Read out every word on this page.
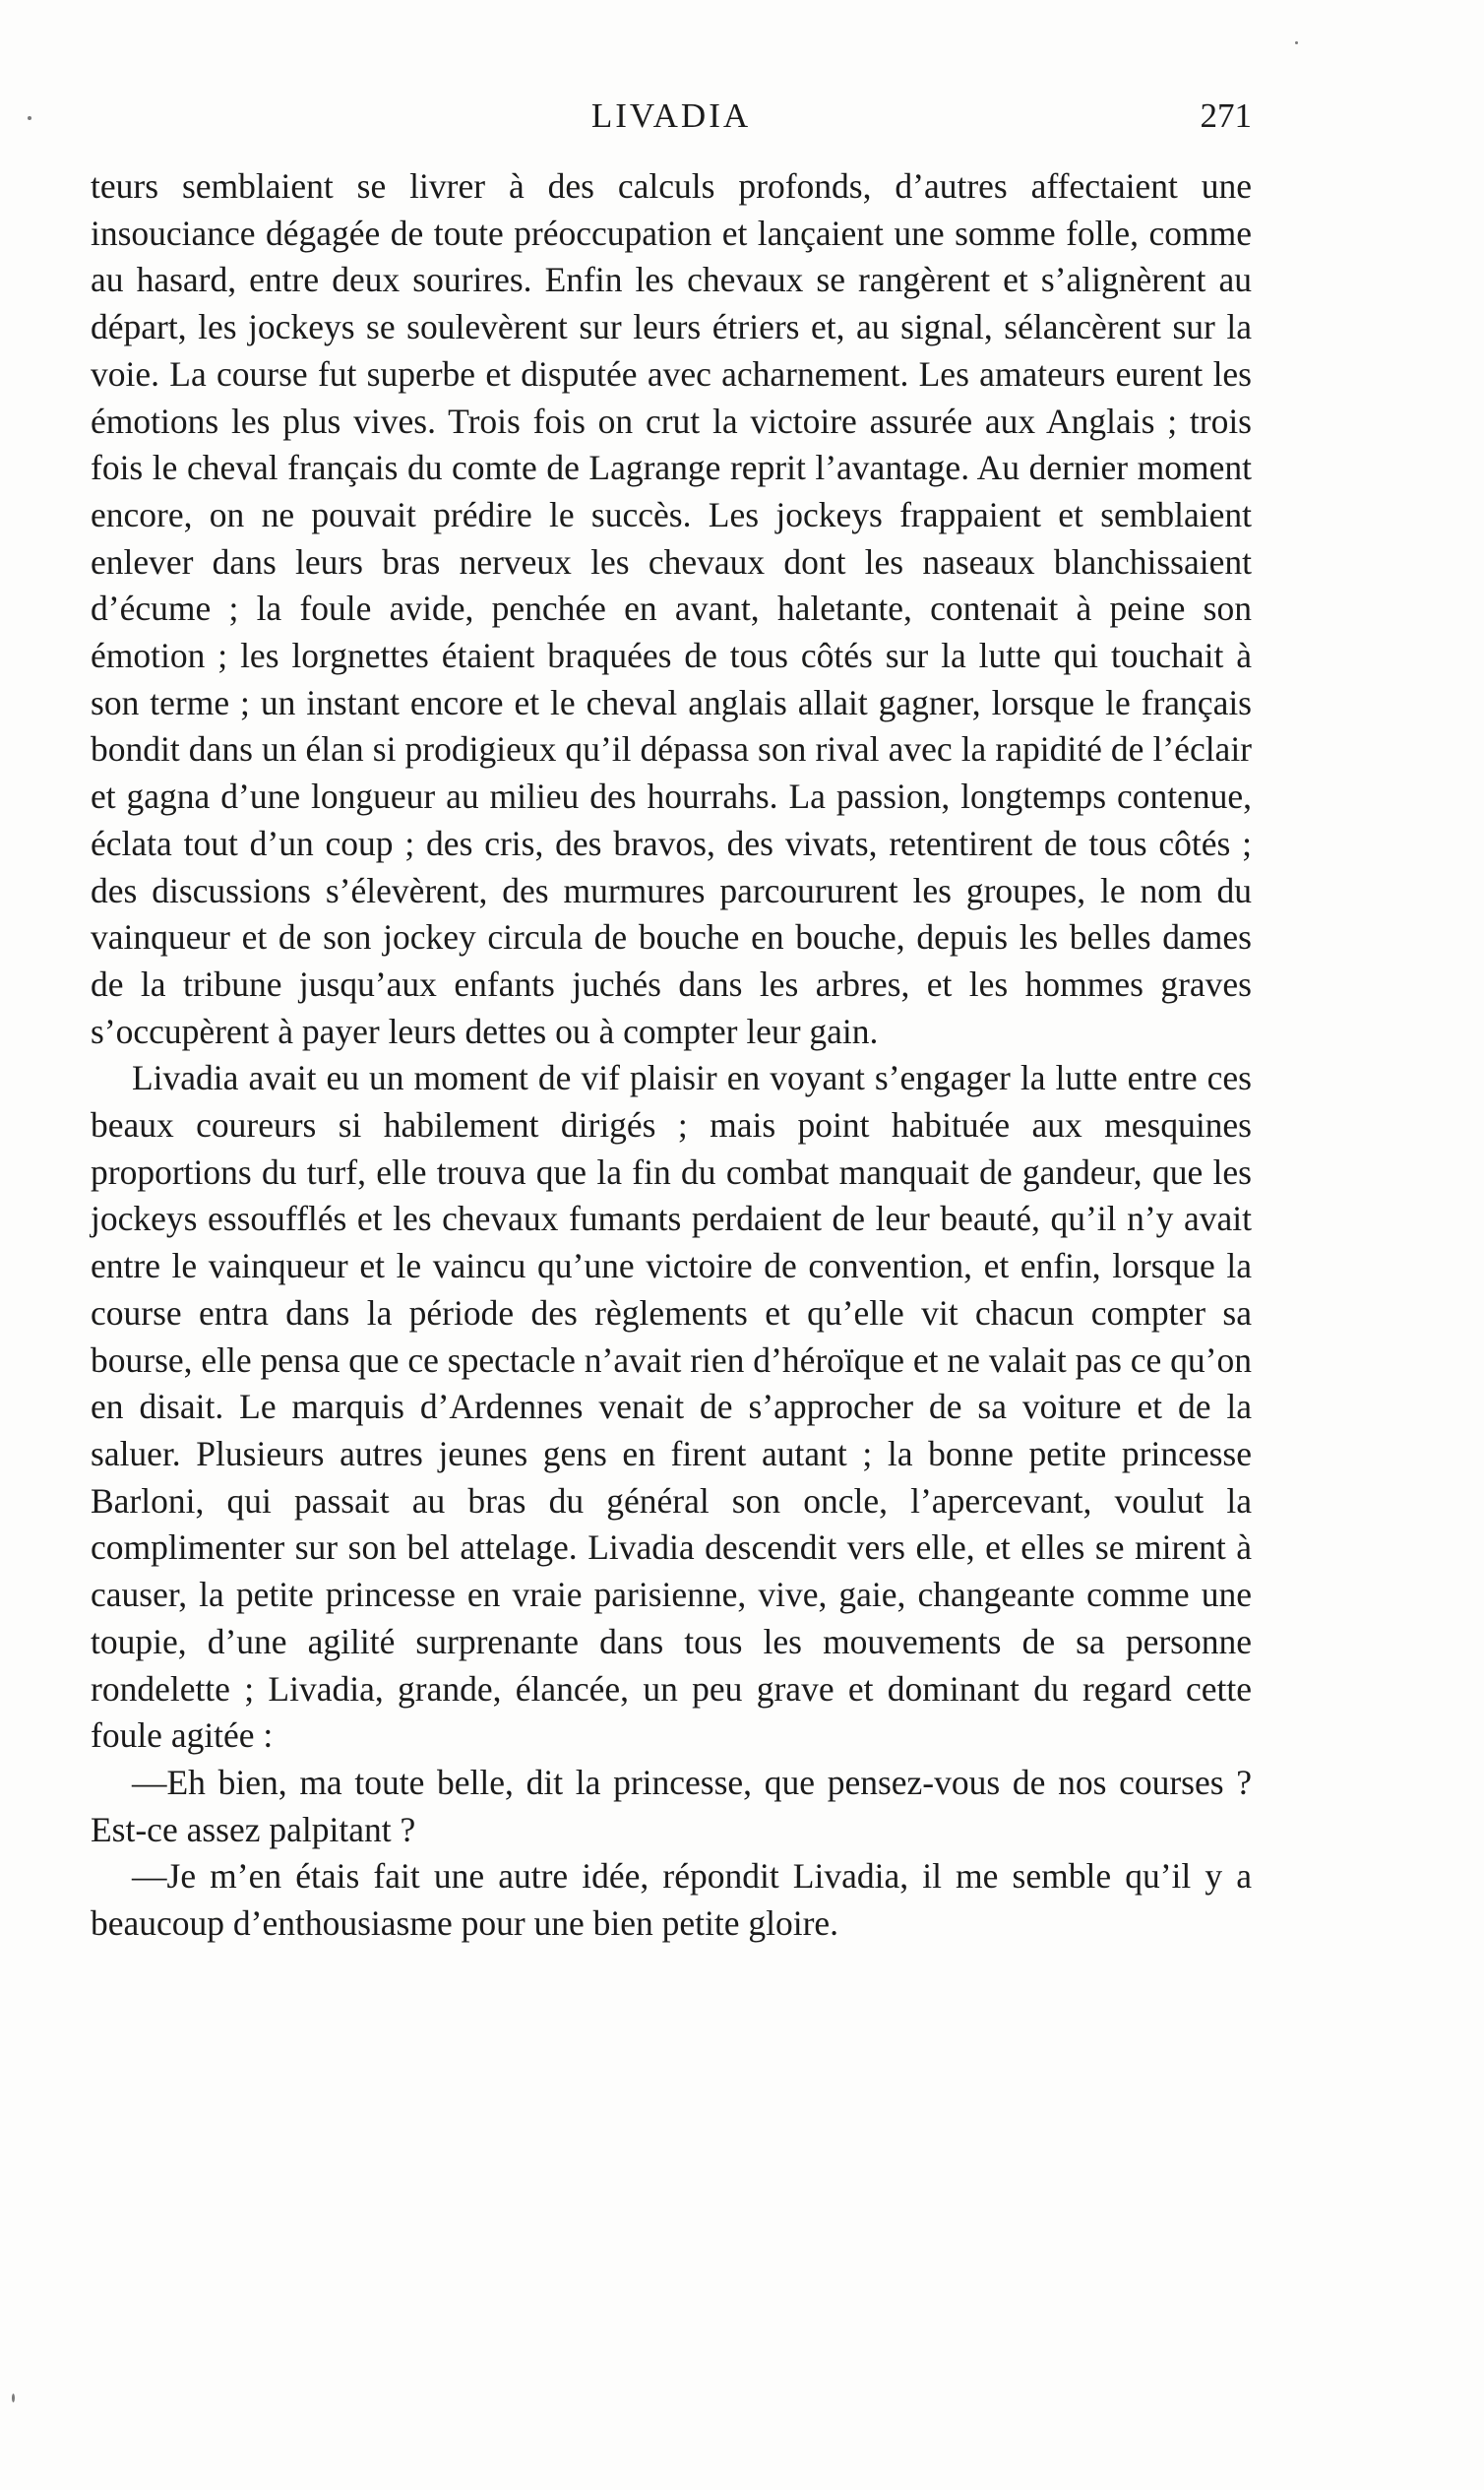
LIVADIA	271

teurs semblaient se livrer à des calculs profonds, d’autres affectaient une insouciance dégagée de toute préoccupation et lançaient une somme folle, comme au hasard, entre deux sourires. Enfin les chevaux se rangèrent et s’alignèrent au départ, les jockeys se soulevèrent sur leurs étriers et, au signal, sélancèrent sur la voie. La course fut superbe et disputée avec acharnement. Les amateurs eurent les émotions les plus vives. Trois fois on crut la victoire assurée aux Anglais ; trois fois le cheval français du comte de Lagrange reprit l’avantage. Au dernier moment encore, on ne pouvait prédire le succès. Les jockeys frappaient et semblaient enlever dans leurs bras nerveux les chevaux dont les naseaux blanchissaient d’écume ; la foule avide, penchée en avant, haletante, contenait à peine son émotion ; les lorgnettes étaient braquées de tous côtés sur la lutte qui touchait à son terme ; un instant encore et le cheval anglais allait gagner, lorsque le français bondit dans un élan si prodigieux qu’il dépassa son rival avec la rapidité de l’éclair et gagna d’une longueur au milieu des hourrahs. La passion, longtemps contenue, éclata tout d’un coup ; des cris, des bravos, des vivats, retentirent de tous côtés ; des discussions s’élevèrent, des murmures parcoururent les groupes, le nom du vainqueur et de son jockey circula de bouche en bouche, depuis les belles dames de la tribune jusqu’aux enfants juchés dans les arbres, et les hommes graves s’occupèrent à payer leurs dettes ou à compter leur gain.

Livadia avait eu un moment de vif plaisir en voyant s’engager la lutte entre ces beaux coureurs si habilement dirigés ; mais point habituée aux mesquines proportions du turf, elle trouva que la fin du combat manquait de gandeur, que les jockeys essoufflés et les chevaux fumants perdaient de leur beauté, qu’il n’y avait entre le vainqueur et le vaincu qu’une victoire de convention, et enfin, lorsque la course entra dans la période des règlements et qu’elle vit chacun compter sa bourse, elle pensa que ce spectacle n’avait rien d’héroïque et ne valait pas ce qu’on en disait. Le marquis d’Ardennes venait de s’approcher de sa voiture et de la saluer. Plusieurs autres jeunes gens en firent autant ; la bonne petite princesse Barloni, qui passait au bras du général son oncle, l’apercevant, voulut la complimenter sur son bel attelage. Livadia descendit vers elle, et elles se mirent à causer, la petite princesse en vraie parisienne, vive, gaie, changeante comme une toupie, d’une agilité surprenante dans tous les mouvements de sa personne rondelette ; Livadia, grande, élancée, un peu grave et dominant du regard cette foule agitée :

—Eh bien, ma toute belle, dit la princesse, que pensez-vous de nos courses ? Est-ce assez palpitant ?

—Je m’en étais fait une autre idée, répondit Livadia, il me semble qu’il y a beaucoup d’enthousiasme pour une bien petite gloire.
